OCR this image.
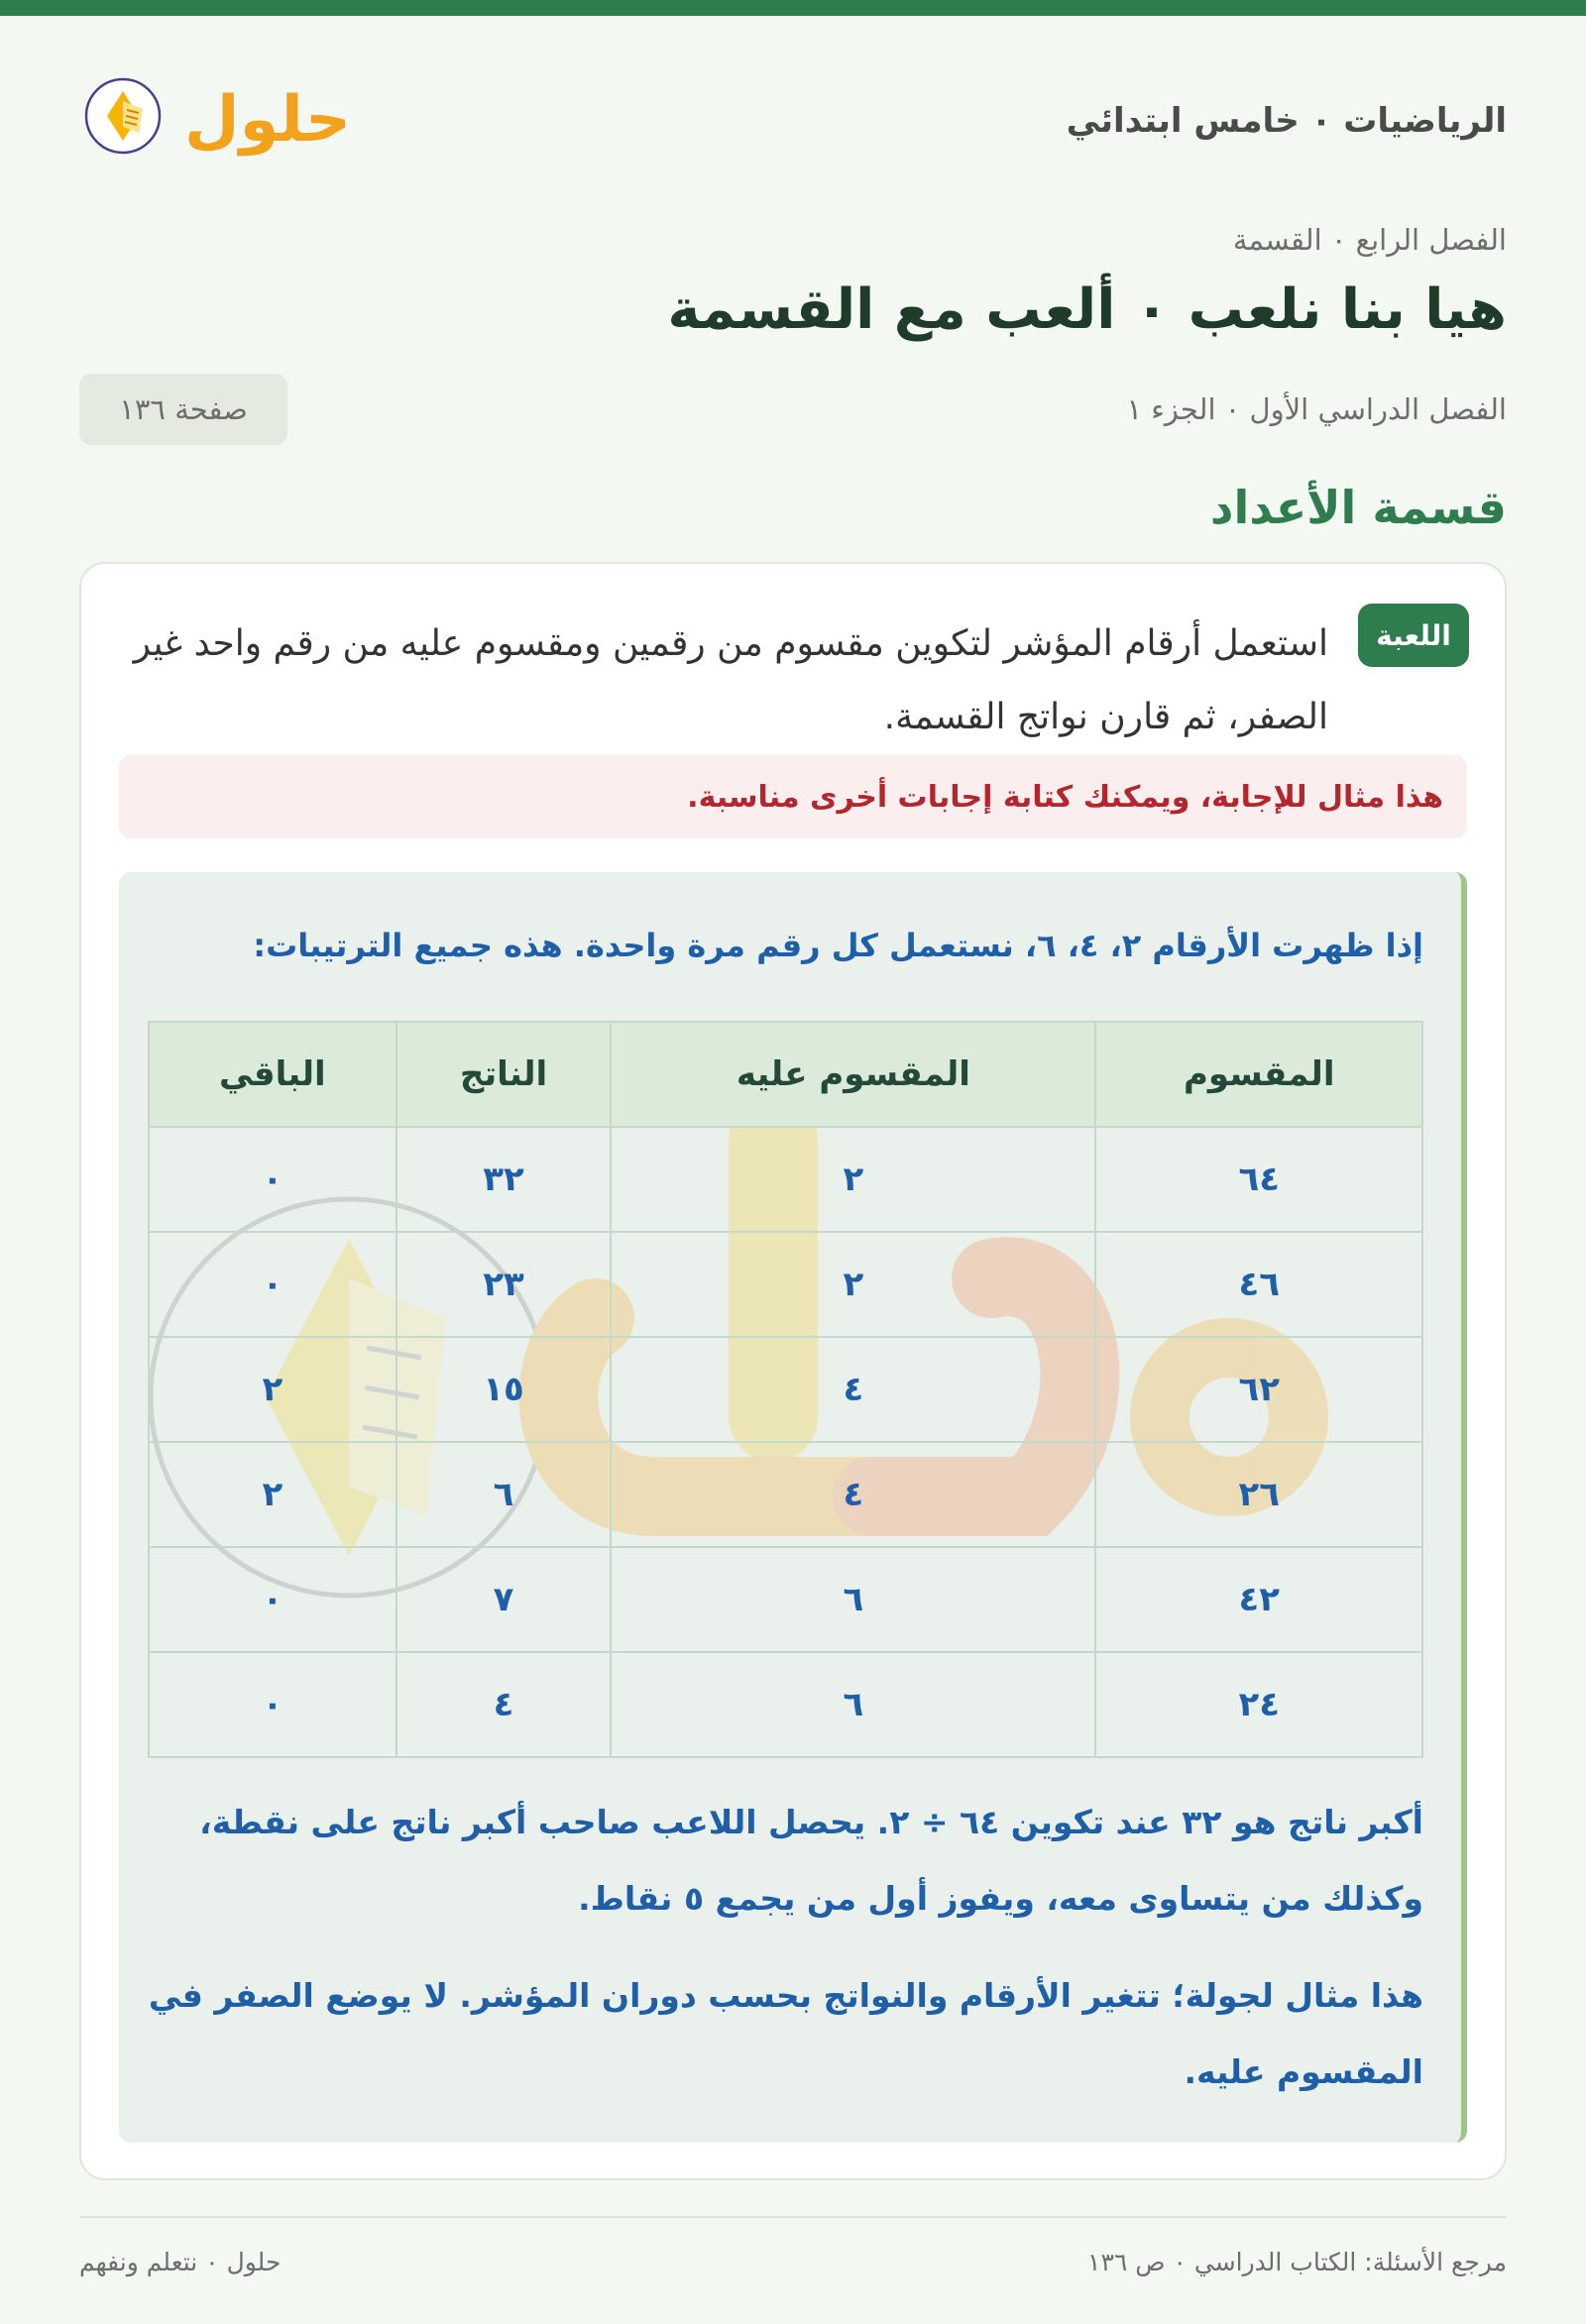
الرياضيات ٠ خامس ابتدائي
حلول
الفصل الرابع ٠ القسمة
هيا بنا نلعب ٠ ألعب مع القسمة
الفصل الدراسي الأول ٠ الجزء ١
صفحة ١٣٦
قسمة الأعداد
اللعبة
استعمل أرقام المؤشر لتكوين مقسوم من رقمين ومقسوم عليه من رقم واحد غير الصفر، ثم قارن نواتج القسمة.
هذا مثال للإجابة، ويمكنك كتابة إجابات أخرى مناسبة.
إذا ظهرت الأرقام ٢، ٤، ٦، نستعمل كل رقم مرة واحدة. هذه جميع الترتيبات:
المقسوم	المقسوم عليه	الناتج	الباقي
٦٤	٢	٣٢	٠
٤٦	٢	٢٣	٠
٦٢	٤	١٥	٢
٢٦	٤	٦	٢
٤٢	٦	٧	٠
٢٤	٦	٤	٠
أكبر ناتج هو ٣٢ عند تكوين ٦٤ ÷ ٢. يحصل اللاعب صاحب أكبر ناتج على نقطة، وكذلك من يتساوى معه، ويفوز أول من يجمع ٥ نقاط.
هذا مثال لجولة؛ تتغير الأرقام والنواتج بحسب دوران المؤشر. لا يوضع الصفر في المقسوم عليه.
حلول ٠ نتعلم ونفهم	مرجع الأسئلة: الكتاب الدراسي ٠ ص ١٣٦
